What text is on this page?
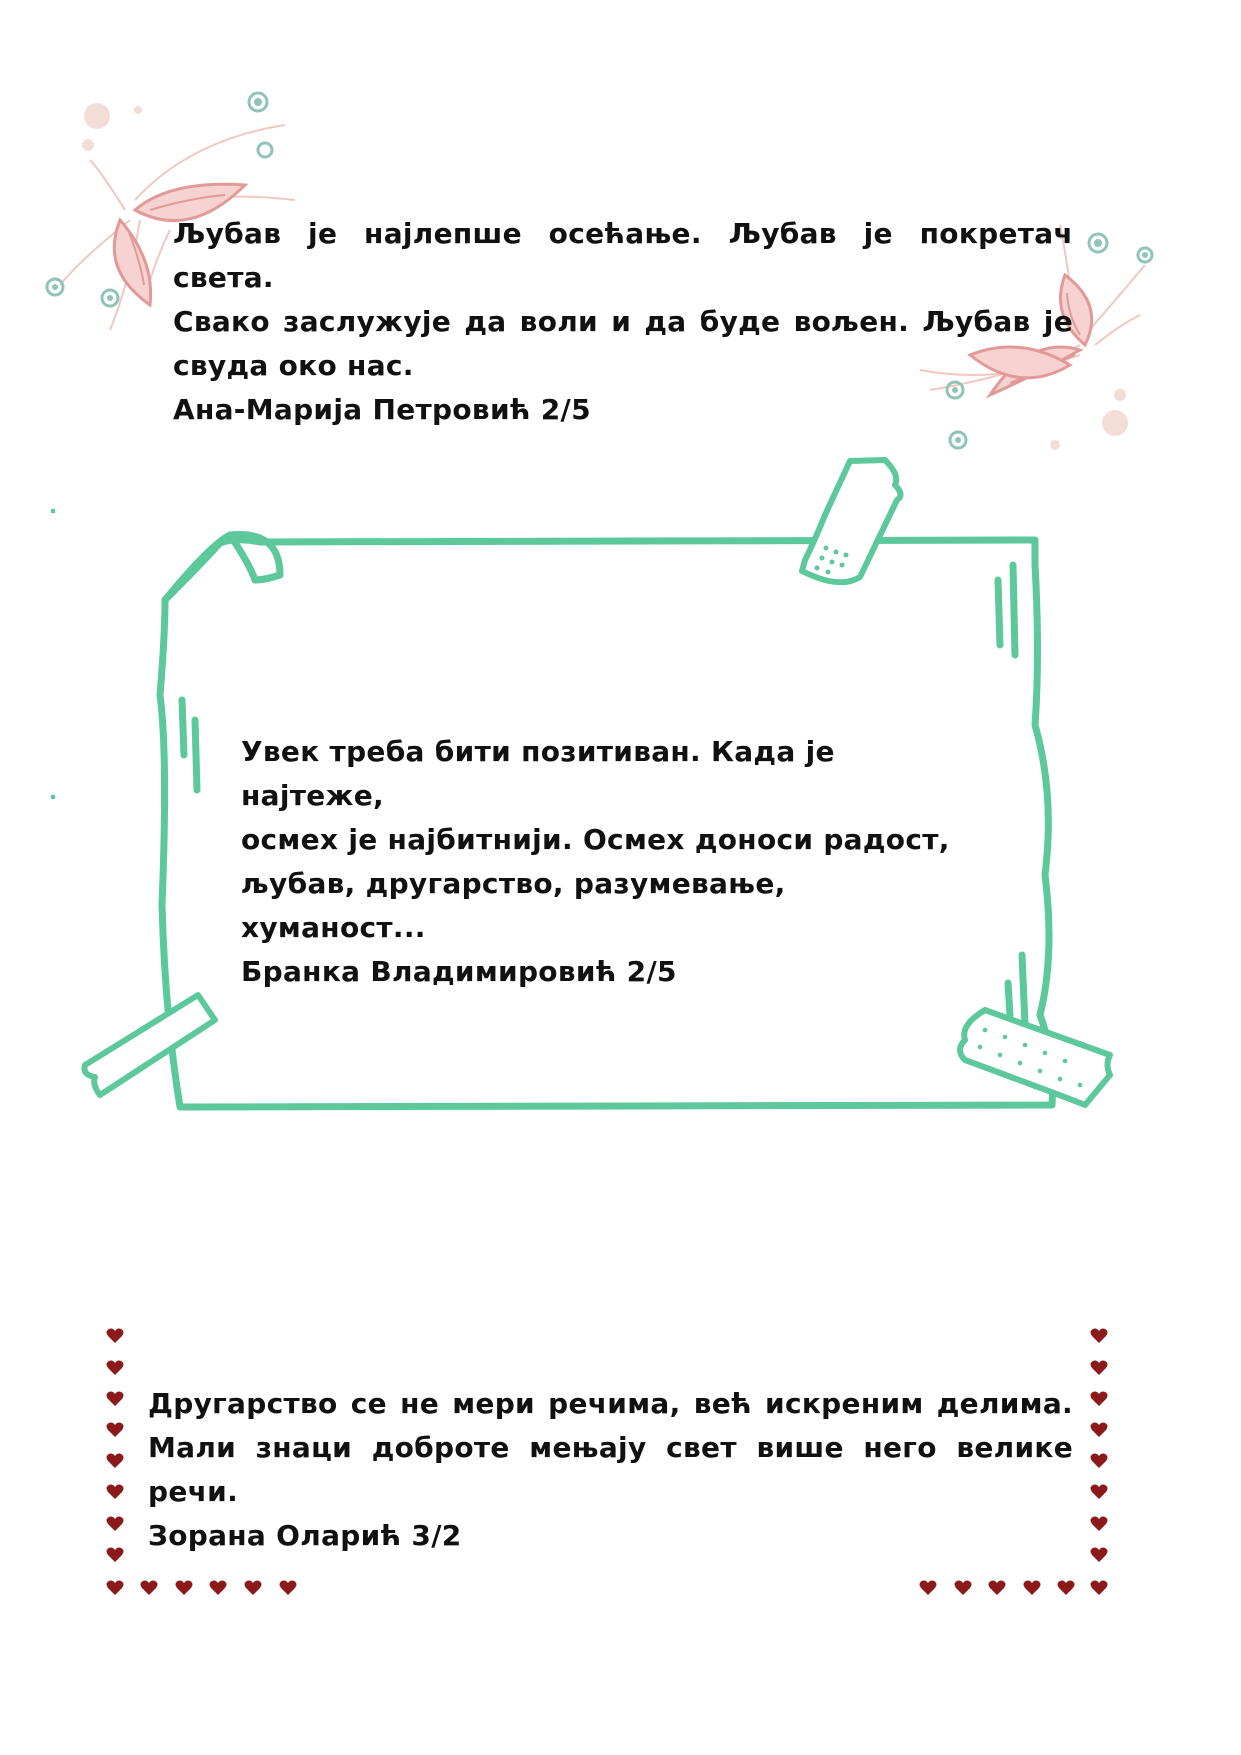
Љубав је најлепше осећање. Љубав је покретач света.

Свако заслужује да воли и да буде вољен. Љубав је

свуда око нас.

Ана-Марија Петровић 2/5

Увек треба бити позитиван. Када је најтеже,

осмех је најбитнији. Осмех доноси радост,

љубав, другарство, разумевање, хуманост...

Бранка Владимировић 2/5

Другарство се не мери речима, већ искреним делима.

Мали знаци доброте мењају свет више него велике речи.

Зорана Оларић 3/2
